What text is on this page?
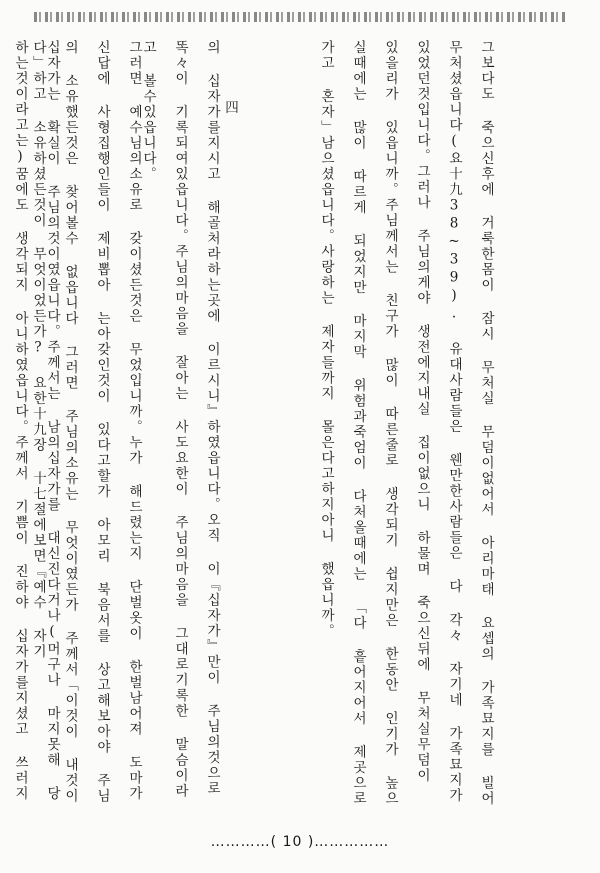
그보다도 죽으신후에 거룩한몸이 잠시 무처실 무덤이없어서 아리마태 요셉의 가족묘지를 빌어 무처셨읍니다(요十九38~39). 유대사람들은 웬만한사람들은 다 각々 자기네 가족묘지가 있었던것입니다。그러나 주님의게야 생전에지내실 집이없으니 하물며 죽으신뒤에 무처실무덤이 있을리가 있읍니까。주님께서는 친구가 많이 따른줄로 생각되기 쉽지만은 한동안 인기가 높으실때에는 많이 따르게 되었지만 마지막 위험과죽엄이 다처올때에는 「다 흩어지어서 제곳으로가고 혼자」남으셨읍니다。사랑하는 제자들까지 몰은다고하지아니 했읍니까。

四

그러면 예수님의소유로 갖이셨든것은 무었입니까。누가 해드렸는지 단벌옷이 한벌남어져 도마가신답에 사형집행인들이 제비뽑아 는아갖인것이 있다고할가 아모리 북음서를 상고해보아야 주님의 소유했든것은 찾어볼수 없읍니다 그러면 주님의소유는 무엇이였든가 주께서「이것이 내것이다」하고 소유하셨든것이 무엇이었든가? 요한十九장 十七절에보면『예수 자기

	의 십자가를지시고 해골처라하는곳에 이르시니』하였읍니다。오직 이『십자가』만이 주님의것으로 똑々이 기록되여있읍니다。주님의마음을 잘아는 사도요한이 주님의마음을 그대로기록한 말슴이라고 볼수있읍니다。

십자가는 확실이 주님의것이였읍니다。주께서는 남의십자가를 대신진다거나(머구나 마지못해 당하는것이라고는)꿈에도 생각되지 아니하였읍니다。주께서 기쁨이 진하야 십자가를지셨고 쓰러지

…………( 10 )……………
